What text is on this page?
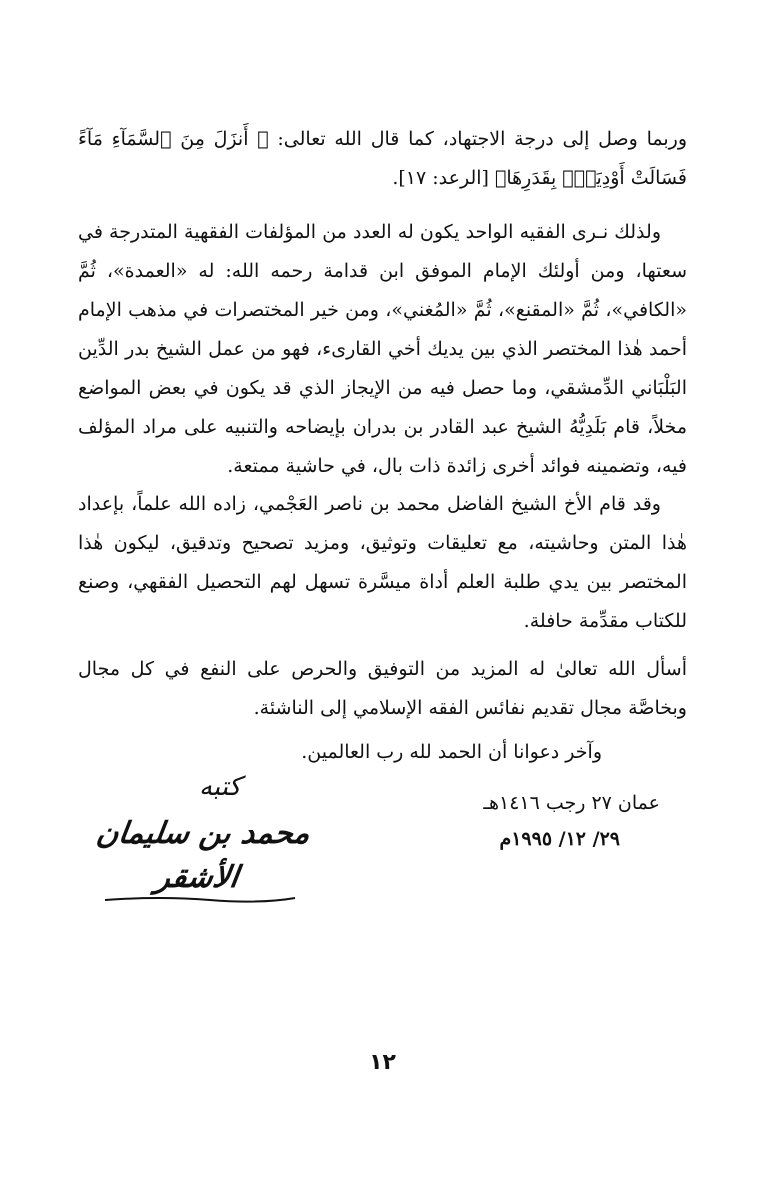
وربما وصل إلى درجة الاجتهاد، كما قال الله تعالى: ﴿ أَنزَلَ مِنَ ٱلسَّمَآءِ مَآءً فَسَالَتْ أَوْدِيَةٌۢ بِقَدَرِهَا﴾ [الرعد: ١٧].

ولذلك نـرى الفقيه الواحد يكون له العدد من المؤلفات الفقهية المتدرجة في سعتها، ومن أولئك الإمام الموفق ابن قدامة رحمه الله: له «العمدة»، ثُمَّ «الكافي»، ثُمَّ «المقنع»، ثُمَّ «المُغني»، ومن خير المختصرات في مذهب الإمام أحمد هٰذا المختصر الذي بين يديك أخي القارىء، فهو من عمل الشيخ بدر الدِّين البَلْبَاني الدِّمشقي، وما حصل فيه من الإيجاز الذي قد يكون في بعض المواضع مخلاً، قام بَلَدِيُّهُ الشيخ عبد القادر بن بدران بإيضاحه والتنبيه على مراد المؤلف فيه، وتضمينه فوائد أخرى زائدة ذات بال، في حاشية ممتعة.

وقد قام الأخ الشيخ الفاضل محمد بن ناصر العَجْمي، زاده الله علماً، بإعداد هٰذا المتن وحاشيته، مع تعليقات وتوثيق، ومزيد تصحيح وتدقيق، ليكون هٰذا المختصر بين يدي طلبة العلم أداة ميسَّرة تسهل لهم التحصيل الفقهي، وصنع للكتاب مقدِّمة حافلة.

أسأل الله تعالىٰ له المزيد من التوفيق والحرص على النفع في كل مجال وبخاصَّة مجال تقديم نفائس الفقه الإسلامي إلى الناشئة.

وآخر دعوانا أن الحمد لله رب العالمين.

عمان ٢٧ رجب ١٤١٦هـ
٢٩/ ١٢/ ١٩٩٥م
كتبه
محمد بن سليمان الأشقر
١٢
